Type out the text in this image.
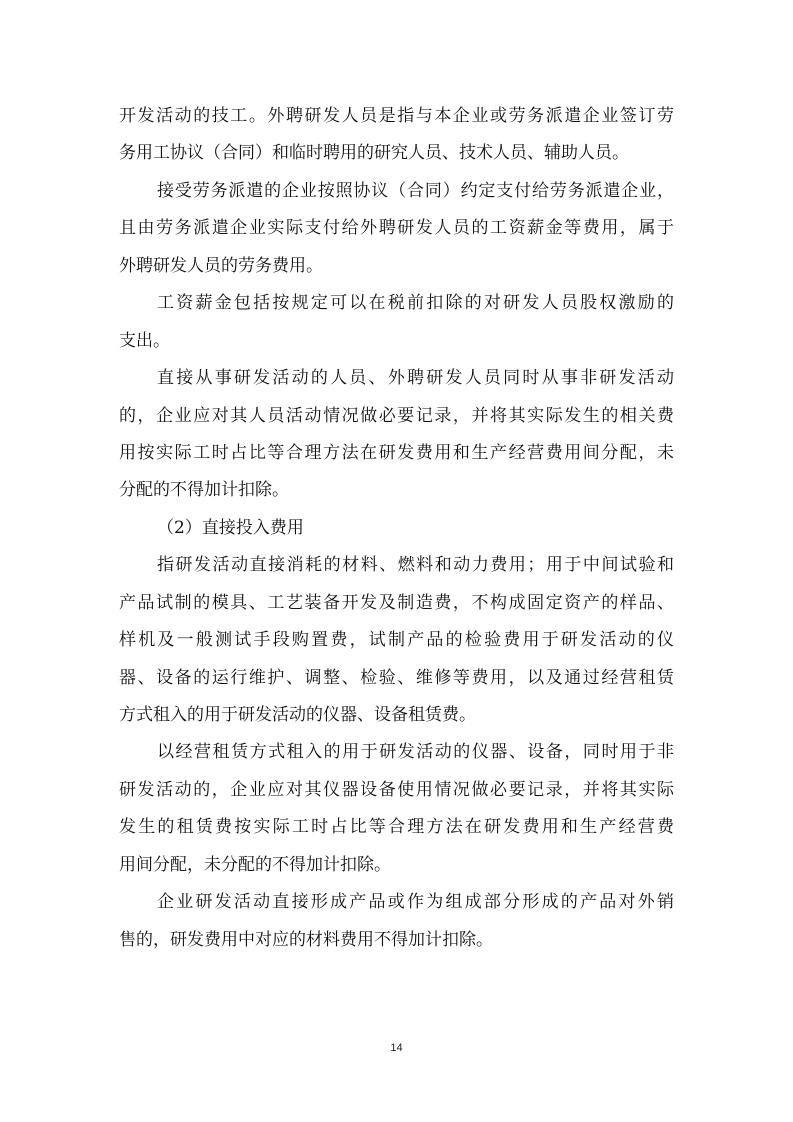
开发活动的技工。外聘研发人员是指与本企业或劳务派遣企业签订劳
务用工协议（合同）和临时聘用的研究人员、技术人员、辅助人员。

接受劳务派遣的企业按照协议（合同）约定支付给劳务派遣企业，
且由劳务派遣企业实际支付给外聘研发人员的工资薪金等费用，属于
外聘研发人员的劳务费用。

工资薪金包括按规定可以在税前扣除的对研发人员股权激励的
支出。

直接从事研发活动的人员、外聘研发人员同时从事非研发活动
的，企业应对其人员活动情况做必要记录，并将其实际发生的相关费
用按实际工时占比等合理方法在研发费用和生产经营费用间分配，未
分配的不得加计扣除。

（2）直接投入费用

指研发活动直接消耗的材料、燃料和动力费用；用于中间试验和
产品试制的模具、工艺装备开发及制造费，不构成固定资产的样品、
样机及一般测试手段购置费，试制产品的检验费用于研发活动的仪
器、设备的运行维护、调整、检验、维修等费用，以及通过经营租赁
方式租入的用于研发活动的仪器、设备租赁费。

以经营租赁方式租入的用于研发活动的仪器、设备，同时用于非
研发活动的，企业应对其仪器设备使用情况做必要记录，并将其实际
发生的租赁费按实际工时占比等合理方法在研发费用和生产经营费
用间分配，未分配的不得加计扣除。

企业研发活动直接形成产品或作为组成部分形成的产品对外销
售的，研发费用中对应的材料费用不得加计扣除。

14
